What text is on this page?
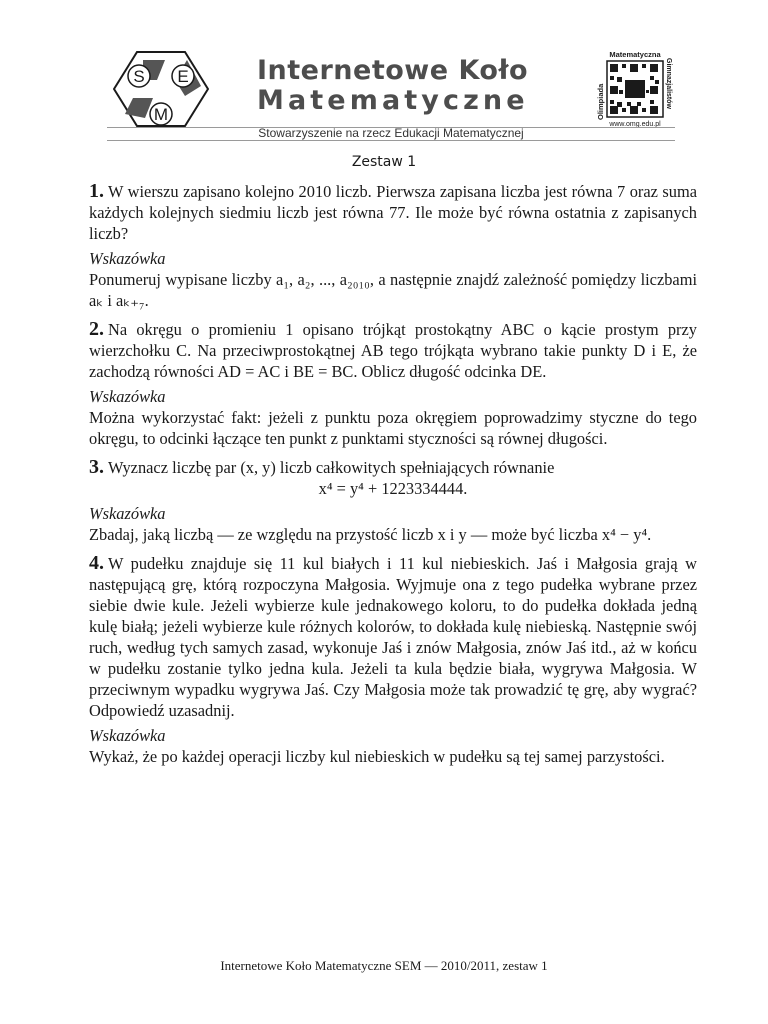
S E
M
Internetowe Koło
Matematyczne
Matematyczna
Olimpiada	Gimnazjalistów
www.omg.edu.pl
Stowarzyszenie na rzecz Edukacji Matematycznej
Zestaw 1

1. W wierszu zapisano kolejno 2010 liczb. Pierwsza zapisana liczba jest równa 7 oraz suma każdych kolejnych siedmiu liczb jest równa 77. Ile może być równa ostatnia z zapisanych liczb?

Wskazówka

Ponumeruj wypisane liczby a₁, a₂, ..., a₂₀₁₀, a następnie znajdź zależność pomiędzy liczbami aₖ i aₖ₊₇.

2. Na okręgu o promieniu 1 opisano trójkąt prostokątny ABC o kącie prostym przy wierzchołku C. Na przeciwprostokątnej AB tego trójkąta wybrano takie punkty D i E, że zachodzą równości AD = AC i BE = BC. Oblicz długość odcinka DE.

Wskazówka

Można wykorzystać fakt: jeżeli z punktu poza okręgiem poprowadzimy styczne do tego okręgu, to odcinki łączące ten punkt z punktami styczności są równej długości.

3. Wyznacz liczbę par (x, y) liczb całkowitych spełniających równanie

x⁴ = y⁴ + 1223334444.

Wskazówka

Zbadaj, jaką liczbą — ze względu na przystość liczb x i y — może być liczba x⁴ − y⁴.

4. W pudełku znajduje się 11 kul białych i 11 kul niebieskich. Jaś i Małgosia grają w następującą grę, którą rozpoczyna Małgosia. Wyjmuje ona z tego pudełka wybrane przez siebie dwie kule. Jeżeli wybierze kule jednakowego koloru, to do pudełka dokłada jedną kulę białą; jeżeli wybierze kule różnych kolorów, to dokłada kulę niebieską. Następnie swój ruch, według tych samych zasad, wykonuje Jaś i znów Małgosia, znów Jaś itd., aż w końcu w pudełku zostanie tylko jedna kula. Jeżeli ta kula będzie biała, wygrywa Małgosia. W przeciwnym wypadku wygrywa Jaś. Czy Małgosia może tak prowadzić tę grę, aby wygrać? Odpowiedź uzasadnij.

Wskazówka

Wykaż, że po każdej operacji liczby kul niebieskich w pudełku są tej samej parzystości.

Internetowe Koło Matematyczne SEM — 2010/2011, zestaw 1
